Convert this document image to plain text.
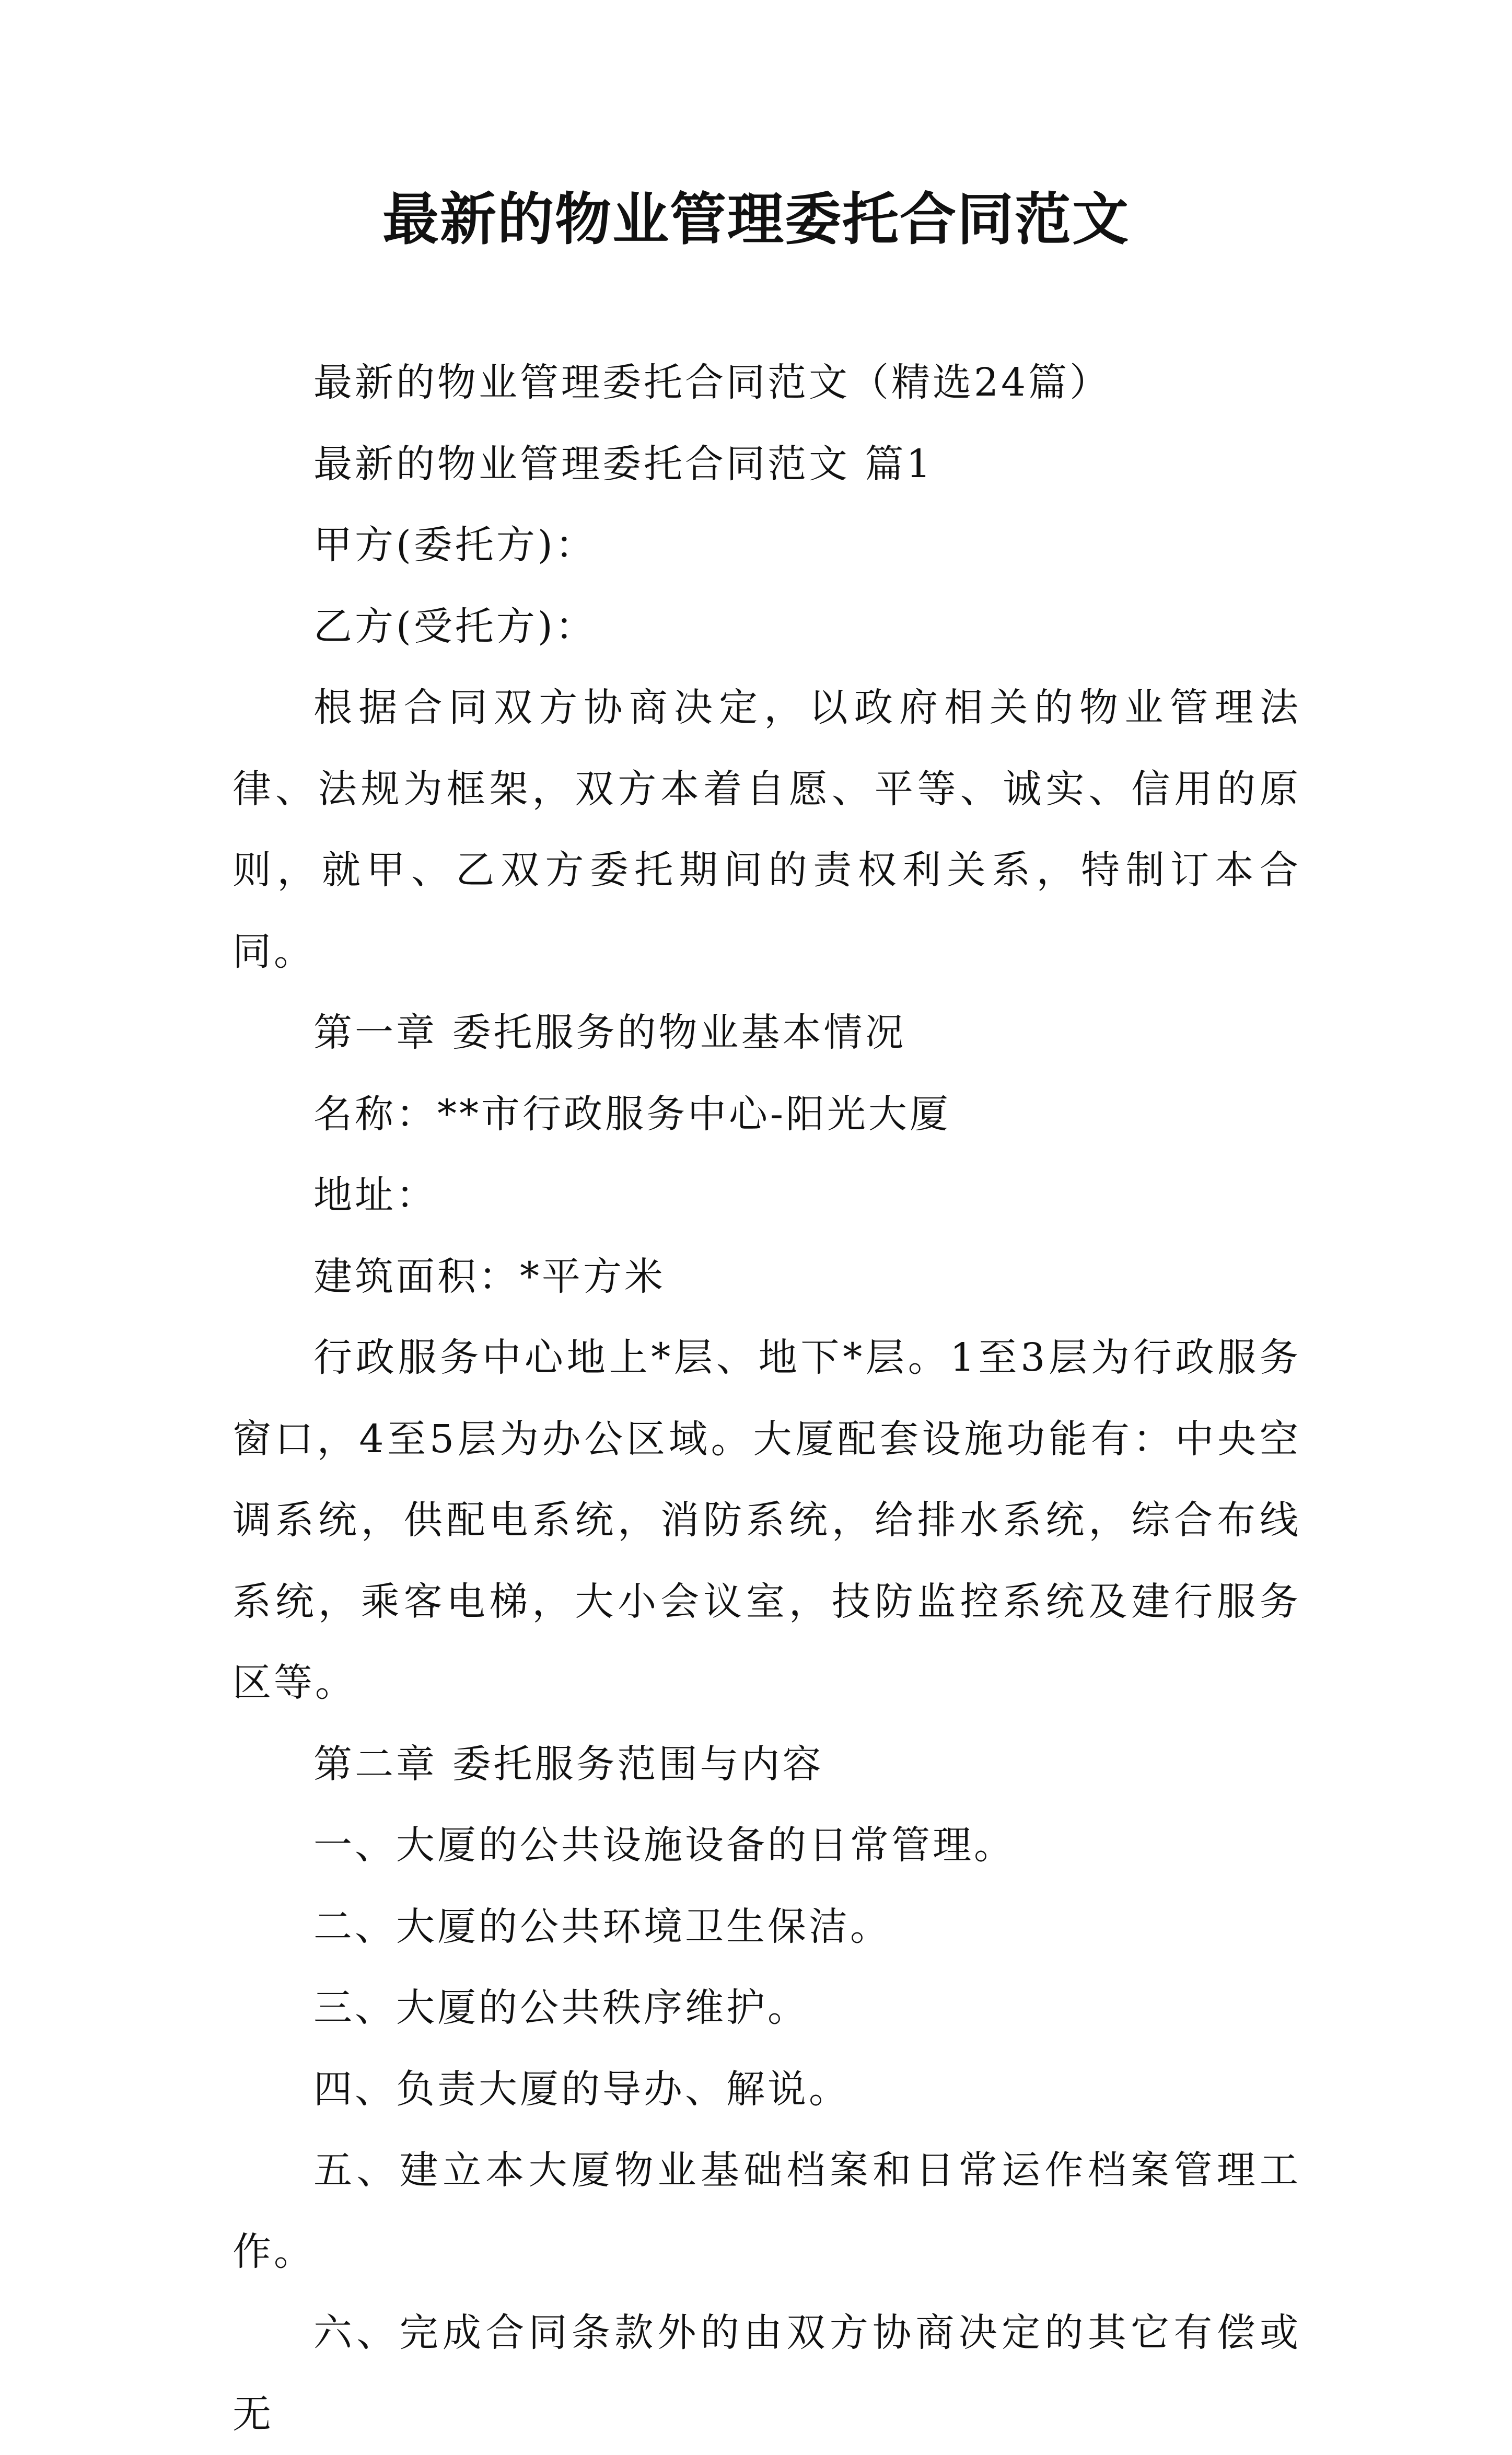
最新的物业管理委托合同范文

最新的物业管理委托合同范文（精选24篇）

最新的物业管理委托合同范文 篇1

甲方(委托方)：

乙方(受托方)：

根据合同双方协商决定，以政府相关的物业管理法律、法规为框架，双方本着自愿、平等、诚实、信用的原则，就甲、乙双方委托期间的责权利关系，特制订本合同。

第一章 委托服务的物业基本情况

名称：**市行政服务中心-阳光大厦

地址：

建筑面积：*平方米

行政服务中心地上*层、地下*层。1至3层为行政服务窗口，4至5层为办公区域。大厦配套设施功能有：中央空调系统，供配电系统，消防系统，给排水系统，综合布线系统，乘客电梯，大小会议室，技防监控系统及建行服务区等。

第二章 委托服务范围与内容

一、大厦的公共设施设备的日常管理。

二、大厦的公共环境卫生保洁。

三、大厦的公共秩序维护。

四、负责大厦的导办、解说。

五、建立本大厦物业基础档案和日常运作档案管理工作。

六、完成合同条款外的由双方协商决定的其它有偿或无
